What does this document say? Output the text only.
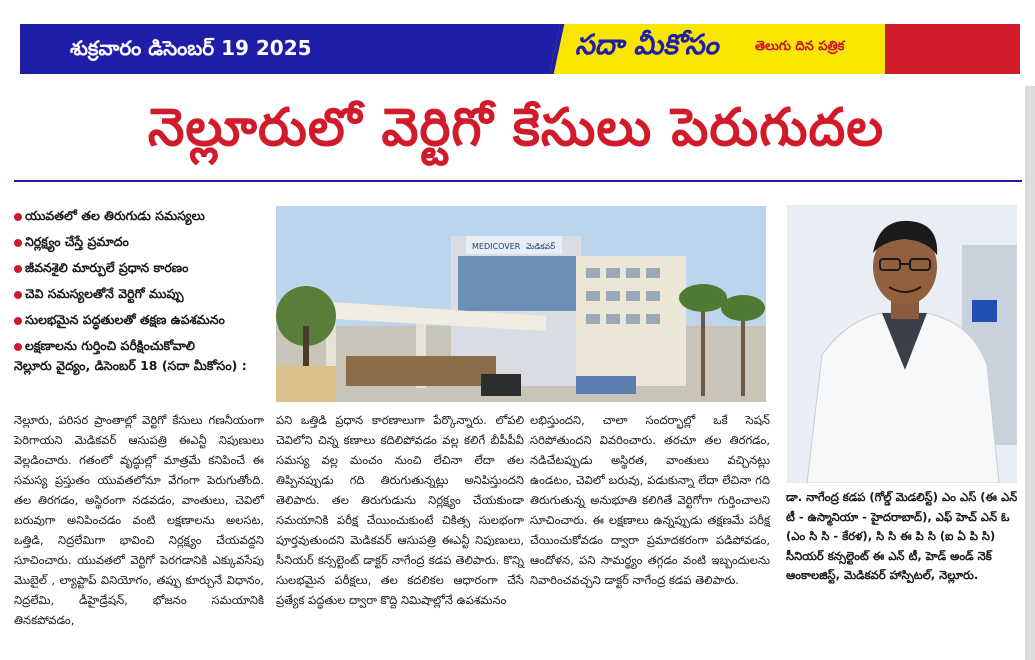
శుక్రవారం డిసెంబర్ 19 2025	సదా మీకోసం	తెలుగు దిన పత్రిక
నెల్లూరులో వెర్టిగో కేసులు పెరుగుదల
యువతలో తల తిరుగుడు సమస్యలు
నిర్లక్ష్యం చేస్తే ప్రమాదం
జీవనశైలి మార్పులే ప్రధాన కారణం
చెవి సమస్యలతోనే వెర్టిగో ముప్పు
సులభమైన పద్ధతులతో తక్షణ ఉపశమనం
లక్షణాలను గుర్తించి పరీక్షించుకోవాలి
నెల్లూరు వైద్యం, డిసెంబర్ 18 (సదా మీకోసం) :
నెల్లూరు, పరిసర ప్రాంతాల్లో వెర్టిగో కేసులు గణనీయంగా పెరిగాయని మెడికవర్ ఆసుపత్రి ఈఎన్టీ నిపుణులు వెల్లడించారు. గతంలో వృద్ధుల్లో మాత్రమే కనిపించే ఈ సమస్య ప్రస్తుతం యువతలోనూ వేగంగా పెరుగుతోంది. తల తిరగడం, అస్థిరంగా నడవడం, వాంతులు, చెవిలో బరువుగా అనిపించడం వంటి లక్షణాలను అలసట, ఒత్తిడి, నిద్రలేమిగా భావించి నిర్లక్ష్యం చేయవద్దని సూచించారు. యువతలో వెర్టిగో పెరగడానికి ఎక్కువసేపు మొబైల్ , ల్యాప్టాప్ వినియోగం, తప్పు కూర్చునే విధానం, నిద్రలేమి, డీహైడ్రేషన్, భోజనం సమయానికి తినకపోవడం,
పని ఒత్తిడి ప్రధాన కారణాలుగా పేర్కొన్నారు. లోపలి చెవిలోని చిన్న కణాలు కదిలిపోవడం వల్ల కలిగే బీపీపీవీ సమస్య వల్ల మంచం నుంచి లేచినా లేదా తల తిప్పినప్పుడు గది తిరుగుతున్నట్లు అనిపిస్తుందని తెలిపారు. తల తిరుగుడును నిర్లక్ష్యం చేయకుండా సమయానికి పరీక్ష చేయించుకుంటే చికిత్స సులభంగా పూర్తవుతుందని మెడికవర్ ఆసుపత్రి ఈఎన్టీ నిపుణులు, సీనియర్ కన్సల్టెంట్ డాక్టర్ నాగేంద్ర కడప తెలిపారు. కొన్ని సులభమైన పరీక్షలు, తల కదలికల ఆధారంగా చేసే ప్రత్యేక పద్ధతుల ద్వారా కొద్ది నిమిషాల్లోనే ఉపశమనం
లభిస్తుందని, చాలా సందర్భాల్లో ఒకే సెషన్ సరిపోతుందని వివరించారు. తరచూ తల తిరగడం, నడిచేటప్పుడు అస్థిరత, వాంతులు వచ్చినట్లు ఉండటం, చెవిలో బరువు, పడుకున్నా లేదా లేచినా గది తిరుగుతున్న అనుభూతి కలిగితే వెర్టిగోగా గుర్తించాలని సూచించారు. ఈ లక్షణాలు ఉన్నప్పుడు తక్షణమే పరీక్ష చేయించుకోవడం ద్వారా ప్రమాదకరంగా పడిపోవడం, ఆందోళన, పని సామర్థ్యం తగ్గడం వంటి ఇబ్బందులను నివారించవచ్చని డాక్టర్ నాగేంద్ర కడప తెలిపారు.
MEDICOVER మెడికవర్
డా. నాగేంద్ర కడప (గోల్డ్ మెడలిస్ట్) ఎం ఎస్ (ఈ ఎన్ టీ - ఉస్మానియా - హైదరాబాద్), ఎఫ్ హెచ్ ఎన్ ఓ (ఎం సి సి - కేరళ), సి సి ఈ పి సి (ఐ ఏ పి సి) సీనియర్ కన్సల్టెంట్ ఈ ఎన్ టీ, హెడ్ అండ్ నెక్ ఆంకాలజిస్ట్, మెడికవర్ హాస్పిటల్, నెల్లూరు.
